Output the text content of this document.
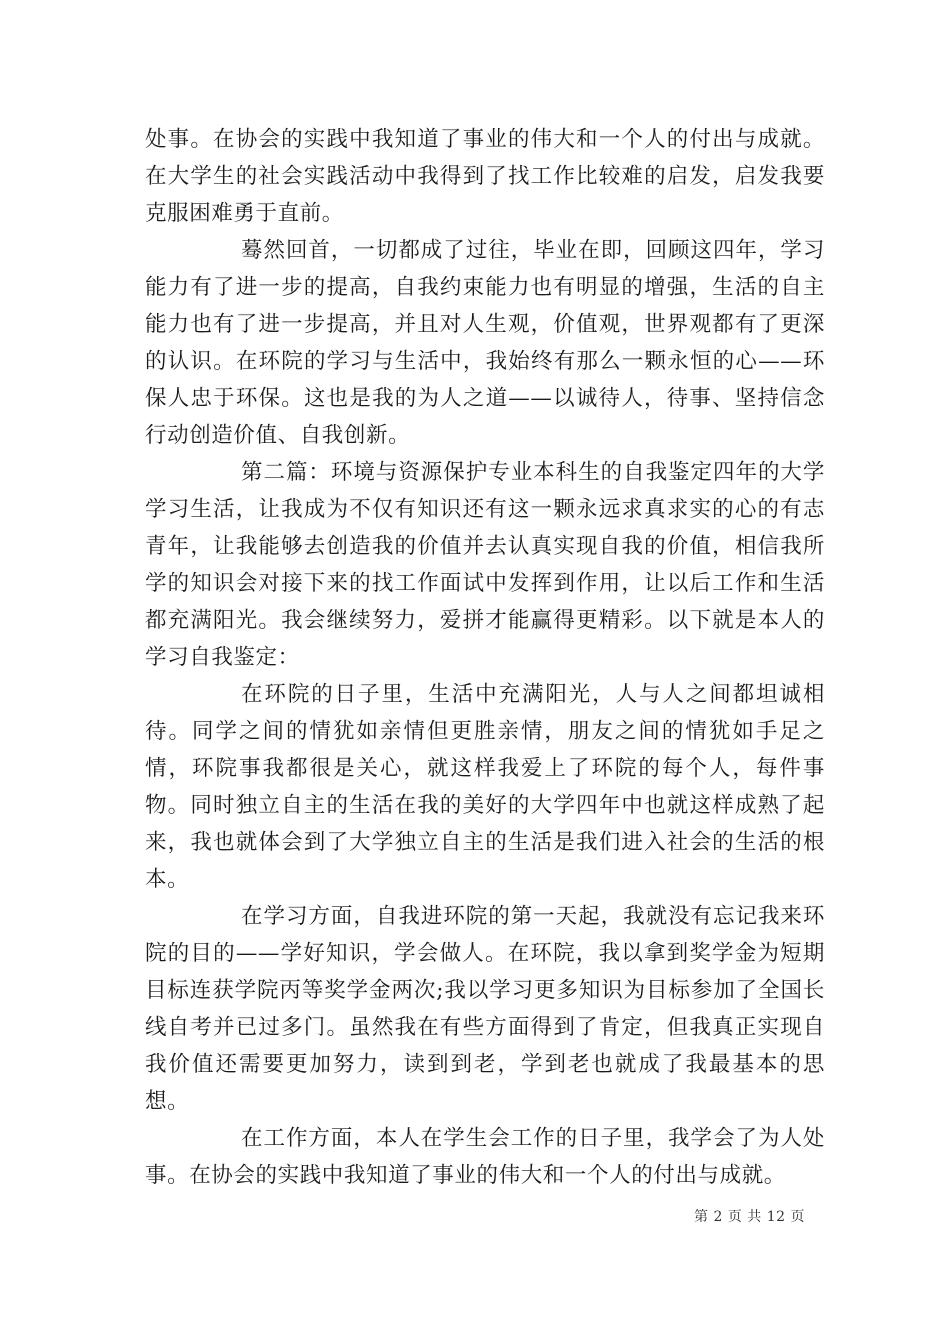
处事。在协会的实践中我知道了事业的伟大和一个人的付出与成就。在大学生的社会实践活动中我得到了找工作比较难的启发，启发我要克服困难勇于直前。

蓦然回首，一切都成了过往，毕业在即，回顾这四年，学习能力有了进一步的提高，自我约束能力也有明显的增强，生活的自主能力也有了进一步提高，并且对人生观，价值观，世界观都有了更深的认识。在环院的学习与生活中，我始终有那么一颗永恒的心——环保人忠于环保。这也是我的为人之道——以诚待人，待事、坚持信念行动创造价值、自我创新。

第二篇：环境与资源保护专业本科生的自我鉴定四年的大学学习生活，让我成为不仅有知识还有这一颗永远求真求实的心的有志青年，让我能够去创造我的价值并去认真实现自我的价值，相信我所学的知识会对接下来的找工作面试中发挥到作用，让以后工作和生活都充满阳光。我会继续努力，爱拼才能赢得更精彩。以下就是本人的学习自我鉴定：

在环院的日子里，生活中充满阳光，人与人之间都坦诚相待。同学之间的情犹如亲情但更胜亲情，朋友之间的情犹如手足之情，环院事我都很是关心，就这样我爱上了环院的每个人，每件事物。同时独立自主的生活在我的美好的大学四年中也就这样成熟了起来，我也就体会到了大学独立自主的生活是我们进入社会的生活的根本。

在学习方面，自我进环院的第一天起，我就没有忘记我来环院的目的——学好知识，学会做人。在环院，我以拿到奖学金为短期目标连获学院丙等奖学金两次;我以学习更多知识为目标参加了全国长线自考并已过多门。虽然我在有些方面得到了肯定，但我真正实现自我价值还需要更加努力，读到到老，学到老也就成了我最基本的思想。

在工作方面，本人在学生会工作的日子里，我学会了为人处事。在协会的实践中我知道了事业的伟大和一个人的付出与成就。

第 2 页 共 12 页
